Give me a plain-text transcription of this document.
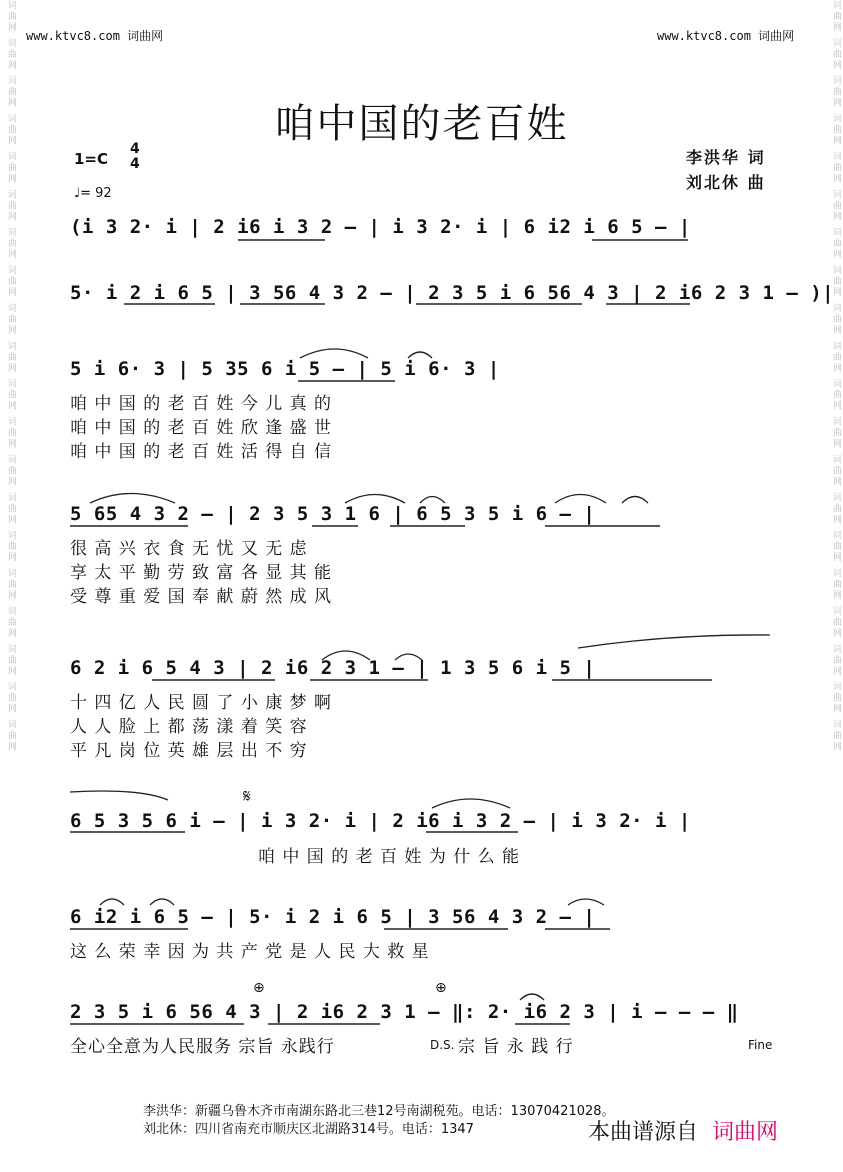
词曲网 词曲网 词曲网 词曲网 词曲网 词曲网 词曲网 词曲网 词曲网 词曲网 词曲网 词曲网 词曲网 词曲网 词曲网 词曲网 词曲网 词曲网 词曲网 词曲网
词曲网 词曲网 词曲网 词曲网 词曲网 词曲网 词曲网 词曲网 词曲网 词曲网 词曲网 词曲网 词曲网 词曲网 词曲网 词曲网 词曲网 词曲网 词曲网 词曲网
www.ktvc8.com 词曲网	www.ktvc8.com 词曲网
咱中国的老百姓
1=C
4
4
♩= 92
李洪华 词
刘北休 曲
(i 3 2· i | 2 i6 i 3 2 – | i 3 2· i | 6 i2 i 6 5 – |
5· i 2 i 6 5 | 3 56 4 3 2 – | 2 3 5 i 6 56 4 3 | 2 i6 2 3 1 – )|
5 i 6· 3 | 5 35 6 i 5 – | 5 i 6· 3 |
咱 中 国 的 老 百 姓 今 儿 真 的
咱 中 国 的 老 百 姓 欣 逢 盛 世
咱 中 国 的 老 百 姓 活 得 自 信
5 65 4 3 2 – | 2 3 5 3 1 6 | 6 5 3 5 i 6 – |
很 高 兴 衣 食 无 忧 又 无 虑
享 太 平 勤 劳 致 富 各 显 其 能
受 尊 重 爱 国 奉 献 蔚 然 成 风
6 2 i 6 5 4 3 | 2 i6 2 3 1 – | 1 3 5 6 i 5 |
十 四 亿 人 民 圆 了 小 康 梦 啊
人 人 脸 上 都 荡 漾 着 笑 容
平 凡 岗 位 英 雄 层 出 不 穷
𝄋
6 5 3 5 6 i – | i 3 2· i | 2 i6 i 3 2 – | i 3 2· i |
咱 中 国 的 老 百 姓 为 什 么 能
6 i2 i 6 5 – | 5· i 2 i 6 5 | 3 56 4 3 2 – |
这 么 荣 幸 因 为 共 产 党 是 人 民 大 救 星
⊕	⊕
2 3 5 i 6 56 4 3 | 2 i6 2 3 1 – ‖: 2· i6 2 3 | i – – – ‖
全心全意为人民服务 宗旨 永践行	D.S. 宗 旨 永 践 行	Fine
李洪华：新疆乌鲁木齐市南湖东路北三巷12号南湖税苑。电话：13070421028。
刘北休：四川省南充市顺庆区北湖路314号。电话：1347	本曲谱源自 词曲网
